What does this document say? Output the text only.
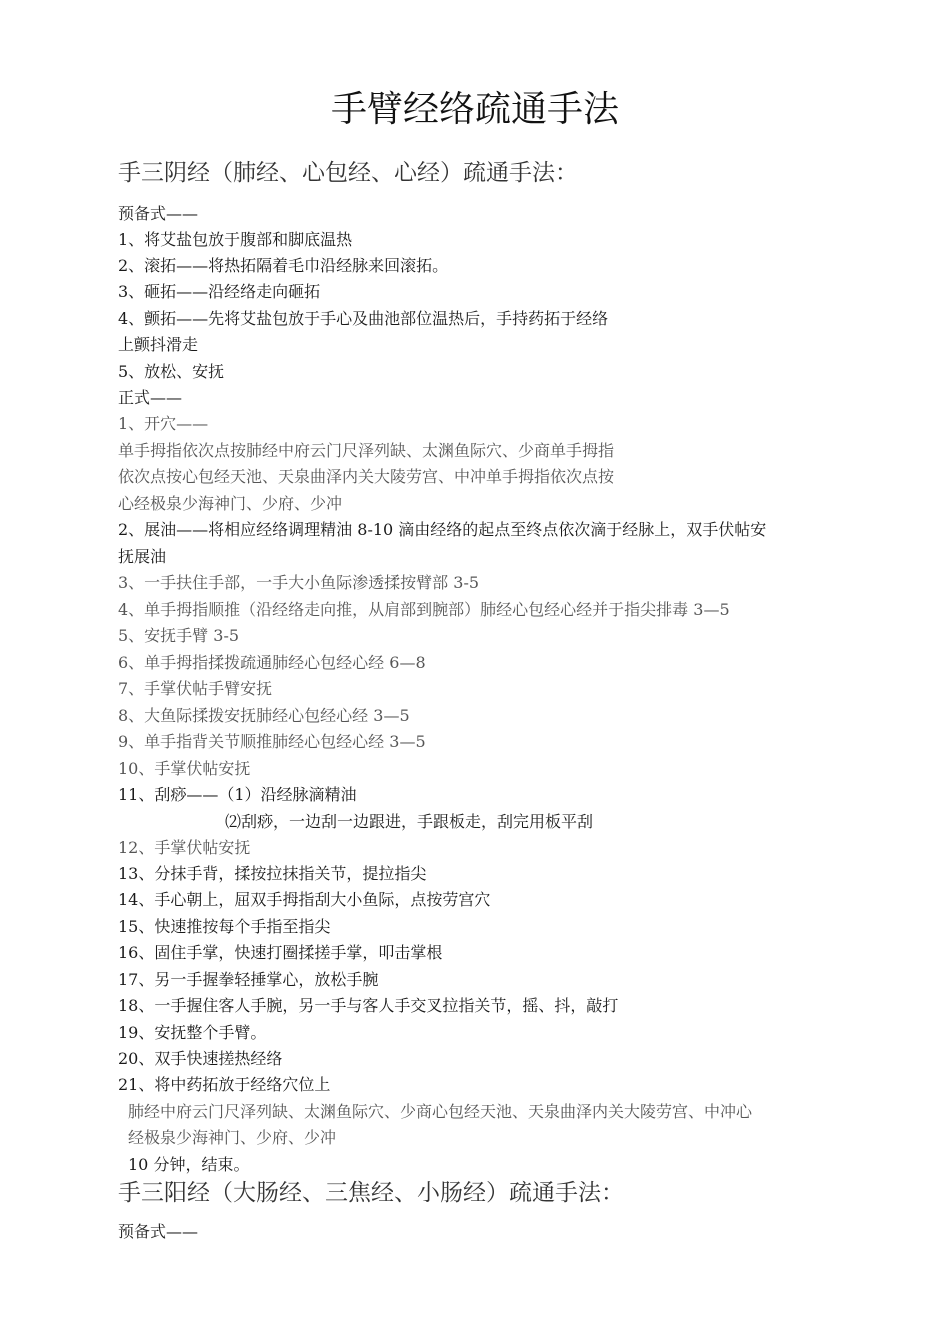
手臂经络疏通手法
手三阴经（肺经、心包经、心经）疏通手法：
预备式——
1、将艾盐包放于腹部和脚底温热
2、滚拓——将热拓隔着毛巾沿经脉来回滚拓。
3、砸拓——沿经络走向砸拓
4、颤拓——先将艾盐包放于手心及曲池部位温热后，手持药拓于经络
上颤抖滑走
5、放松、安抚
正式——
1、开穴——
单手拇指依次点按肺经中府云门尺泽列缺、太渊鱼际穴、少商单手拇指
依次点按心包经天池、天泉曲泽内关大陵劳宫、中冲单手拇指依次点按
心经极泉少海神门、少府、少冲
2、展油——将相应经络调理精油 8-10 滴由经络的起点至终点依次滴于经脉上，双手伏帖安
抚展油
3、一手扶住手部，一手大小鱼际渗透揉按臂部 3-5
4、单手拇指顺推（沿经络走向推，从肩部到腕部）肺经心包经心经并于指尖排毒 3—5
5、安抚手臂 3-5
6、单手拇指揉拨疏通肺经心包经心经 6—8
7、手掌伏帖手臂安抚
8、大鱼际揉拨安抚肺经心包经心经 3—5
9、单手指背关节顺推肺经心包经心经 3—5
10、手掌伏帖安抚
11、刮痧——（1）沿经脉滴精油
⑵刮痧，一边刮一边跟进，手跟板走，刮完用板平刮
12、手掌伏帖安抚
13、分抹手背，揉按拉抹指关节，提拉指尖
14、手心朝上，屈双手拇指刮大小鱼际，点按劳宫穴
15、快速推按每个手指至指尖
16、固住手掌，快速打圈揉搓手掌，叩击掌根
17、另一手握拳轻捶掌心，放松手腕
18、一手握住客人手腕，另一手与客人手交叉拉指关节，摇、抖，敲打
19、安抚整个手臂。
20、双手快速搓热经络
21、将中药拓放于经络穴位上
肺经中府云门尺泽列缺、太渊鱼际穴、少商心包经天池、天泉曲泽内关大陵劳宫、中冲心
经极泉少海神门、少府、少冲
10 分钟，结束。
手三阳经（大肠经、三焦经、小肠经）疏通手法：
预备式——
